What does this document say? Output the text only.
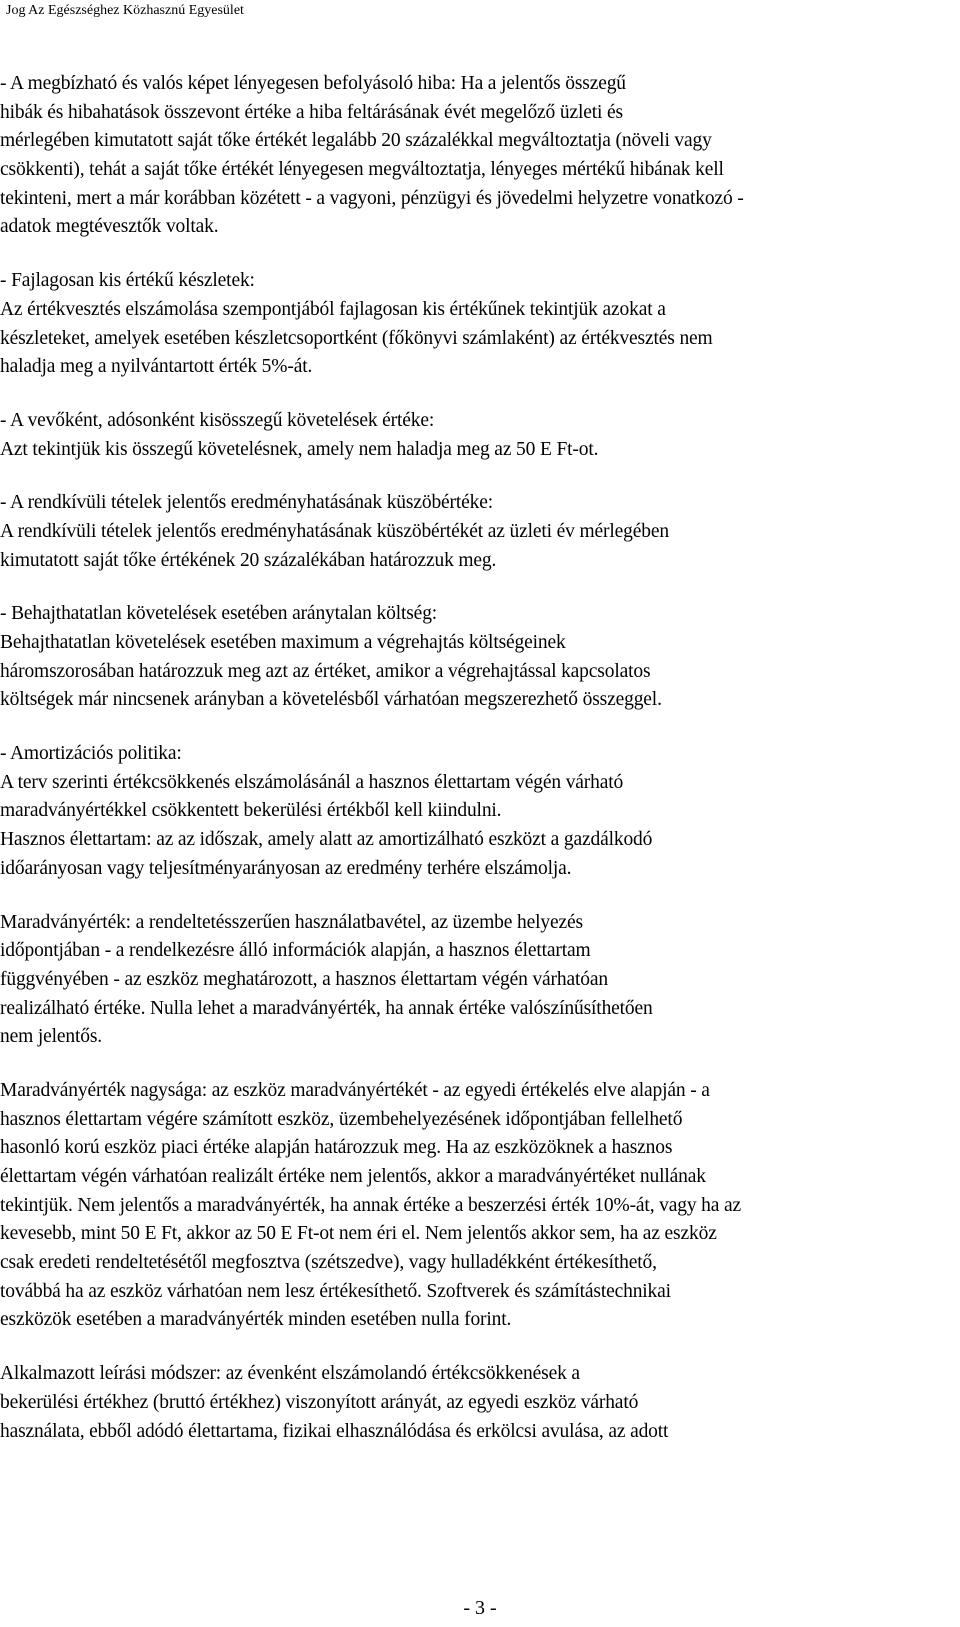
Jog Az Egészséghez Közhasznú Egyesület
- A megbízható és valós képet lényegesen befolyásoló hiba: Ha a jelentős összegű
hibák és hibahatások összevont értéke a hiba feltárásának évét megelőző üzleti és
mérlegében kimutatott saját tőke értékét legalább 20 százalékkal megváltoztatja (növeli vagy
csökkenti), tehát a saját tőke értékét lényegesen megváltoztatja, lényeges mértékű hibának kell
tekinteni, mert a már korábban közétett - a vagyoni, pénzügyi és jövedelmi helyzetre vonatkozó -
adatok megtévesztők voltak.
- Fajlagosan kis értékű készletek:
Az értékvesztés elszámolása szempontjából fajlagosan kis értékűnek tekintjük azokat a
készleteket, amelyek esetében készletcsoportként (főkönyvi számlaként) az értékvesztés nem
haladja meg a nyilvántartott érték 5%-át.
- A vevőként, adósonként kisösszegű követelések értéke:
Azt tekintjük kis összegű követelésnek, amely nem haladja meg az 50 E Ft-ot.
- A rendkívüli tételek jelentős eredményhatásának küszöbértéke:
A rendkívüli tételek jelentős eredményhatásának küszöbértékét az üzleti év mérlegében
kimutatott saját tőke értékének 20 százalékában határozzuk meg.
- Behajthatatlan követelések esetében aránytalan költség:
Behajthatatlan követelések esetében maximum a végrehajtás költségeinek
háromszorosában határozzuk meg azt az értéket, amikor a végrehajtással kapcsolatos
költségek már nincsenek arányban a követelésből várhatóan megszerezhető összeggel.
- Amortizációs politika:
A terv szerinti értékcsökkenés elszámolásánál a hasznos élettartam végén várható
maradványértékkel csökkentett bekerülési értékből kell kiindulni.
Hasznos élettartam: az az időszak, amely alatt az amortizálható eszközt a gazdálkodó
időarányosan vagy teljesítményarányosan az eredmény terhére elszámolja.
Maradványérték: a rendeltetésszerűen használatbavétel, az üzembe helyezés
időpontjában - a rendelkezésre álló információk alapján, a hasznos élettartam
függvényében - az eszköz meghatározott, a hasznos élettartam végén várhatóan
realizálható értéke. Nulla lehet a maradványérték, ha annak értéke valószínűsíthetően
nem jelentős.
Maradványérték nagysága: az eszköz maradványértékét - az egyedi értékelés elve alapján - a
hasznos élettartam végére számított eszköz, üzembehelyezésének időpontjában fellelhető
hasonló korú eszköz piaci értéke alapján határozzuk meg. Ha az eszközöknek a hasznos
élettartam végén várhatóan realizált értéke nem jelentős, akkor a maradványértéket nullának
tekintjük. Nem jelentős a maradványérték, ha annak értéke a beszerzési érték 10%-át, vagy ha az
kevesebb, mint 50 E Ft, akkor az 50 E Ft-ot nem éri el. Nem jelentős akkor sem, ha az eszköz
csak eredeti rendeltetésétől megfosztva (szétszedve), vagy hulladékként értékesíthető,
továbbá ha az eszköz várhatóan nem lesz értékesíthető. Szoftverek és számítástechnikai
eszközök esetében a maradványérték minden esetében nulla forint.
Alkalmazott leírási módszer: az évenként elszámolandó értékcsökkenések a
bekerülési értékhez (bruttó értékhez) viszonyított arányát, az egyedi eszköz várható
használata, ebből adódó élettartama, fizikai elhasználódása és erkölcsi avulása, az adott
- 3 -
